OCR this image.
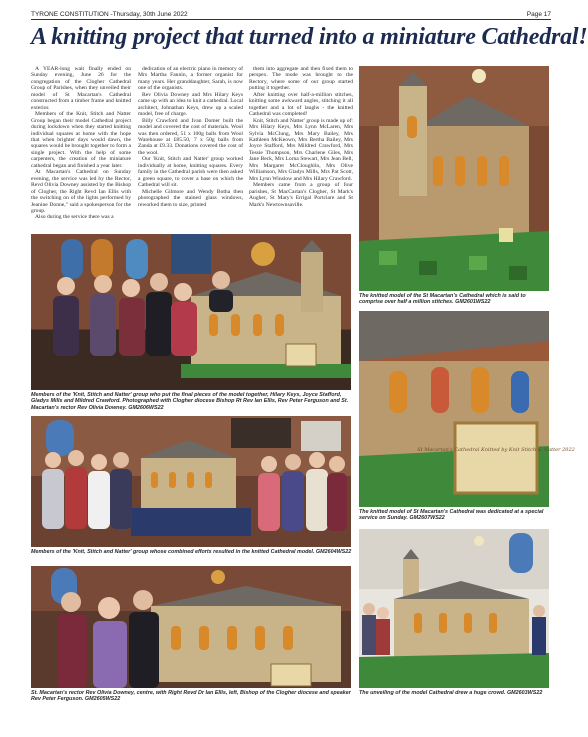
TYRONE CONSTITUTION -Thursday, 30th June 2022	Page 17
A knitting project that turned into a miniature Cathedral!

A YEAR-long wait finally ended on Sunday evening, June 26 for the congregation of the Clogher Cathedral Group of Parishes, when they unveiled their model of St Macartan's Cathedral constructed from a timber frame and knitted exterior.

Members of the Knit, Stitch and Natter Group began their model Cathedral project during lockdown when they started knitting individual squares at home with the hope that when brighter days would dawn, the squares would be brought together to form a single project. With the help of some carpenters, the creation of the miniature cathedral began and finished a year later.

At Macartan's Cathedral on Sunday evening, the service was led by the Rector, Revd Olivia Downey assisted by the Bishop of Clogher, the Right Revd Ian Ellis with the switching on of the lights performed by Jeanine Donne," said a spokesperson for the group.

Also during the service there was a

dedication of an electric piano in memory of Mrs Martha Fannin, a former organist for many years. Her granddaughter, Sarah, is now one of the organists.

Rev Olivia Downey and Mrs Hilary Keys came up with an idea to knit a cathedral. Local architect, Johnathan Keys, drew up a scaled model, free of charge.

Billy Crawford and Ivan Domer built the model and covered the cost of materials. Wool was then ordered, 51 x 100g balls from Wool Warehouse at £85.50, 7 x 50g balls from Zanda at £9.33. Donations covered the cost of the wool.

Our 'Knit, Stitch and Natter' group worked individually at home, knitting squares. Every family in the Cathedral parish were then asked a green square, to cover a base on which the Cathedral will sit.

Michelle Gilmore and Wendy Botha then photographed the stained glass windows, reworked them to size, printed

them into aggregate and then fixed them to perspex. The mode was brought to the Rectory, where some of our group started putting it together.

After knitting over half-a-million stitches, knitting some awkward angles, stitching it all together and a lot of laughs - the knitted Cathedral was completed!

Knit, Stitch and Natter' group is made up of: Mrs Hilary Keys, Mrs Lynn McLaren, Mrs Sylvia McClung, Mrs Mary Bailey, Mrs Kathleen McKeown, Mrs Bertha Bailey, Mrs Joyce Stafford, Mrs Mildred Crawford, Mrs Tessie Thompson, Mrs Charlene Giles, Mrs Jane Beck, Mrs Lorna Stewart, Mrs Jean Bell, Mrs Margaret McCloughlin, Mrs Olive Williamson, Mrs Gladys Mills, Mrs Pat Scott, Mrs Lynn Winslow and Mrs Hilary Crawford.

Members came from a group of four parishes, St MacCartan's Clogher, St Mark's Augher, St Mary's Errigal Portclare and St Mark's Newtownsaville.

Members of the 'Knit, Stitch and Natter' group who put the final pieces of the model together, Hilary Keys, Joyce Stafford, Gladys Mills and Mildred Crawford. Photographed with Clogher diocese Bishop Rt Rev Ian Ellis, Rev Peter Ferguson and St. Macartan's rector Rev Olivia Downey. GM2606WS22
Members of the 'Knit, Stitch and Natter' group whose combined efforts resulted in the knitted Cathedral model. GM2604WS22
St. Macartan's rector Rev Olivia Downey, centre, with Right Revd Dr Ian Ellis, left, Bishop of the Clogher diocese and speaker Rev Peter Ferguson. GM2605WS22
The knitted model of the St Macartan's Cathedral which is said to comprise over half a million stitches. GM2601WS22
St Macartan's Cathedral Knitted by Knit Stitch & Natter 2022
The knitted model of St Macartan's Cathedral was dedicated at a special service on Sunday. GM2607WS22
The unveiling of the model Cathedral drew a huge crowd. GM2603WS22
